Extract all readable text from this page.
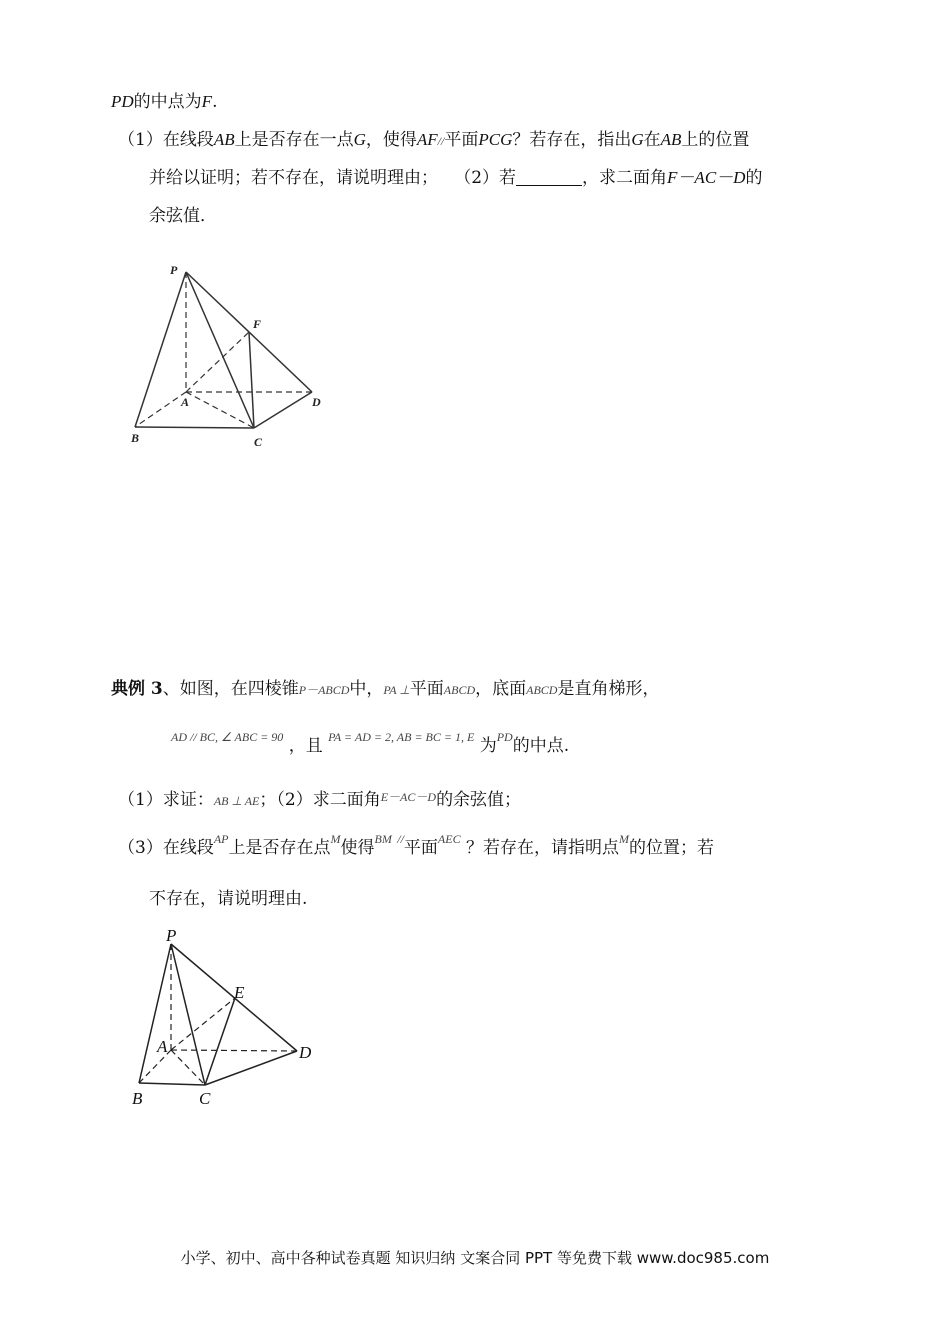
PD的中点为F.
（1）在线段AB上是否存在一点G，使得AF//平面PCG？若存在，指出G在AB上的位置
并给以证明；若不存在，请说明理由； （2）若	，求二面角F－AC－D的
余弦值．
P
F
A	D
B	C
典例 3、如图，在四棱锥P－ABCD中，PA ⊥平面ABCD，底面ABCD是直角梯形，
$^{AD // BC, \angle ABC = 90}$ ，且 $^{PA = AD = 2, AB = BC = 1, E}$ 为$^{PD}$的中点.
（1）求证：AB ⊥ AE；（2）求二面角$^{E-AC-D}$的余弦值；
（3）在线段$^{AP}$上是否存在点$^M$使得$^{BM}$ //平面$^{AEC}$ ？若存在，请指明点$^M$的位置；若
不存在，请说明理由.
P
E
A	D
B	C
小学、初中、高中各种试卷真题 知识归纳 文案合同 PPT 等免费下载 www.doc985.com
